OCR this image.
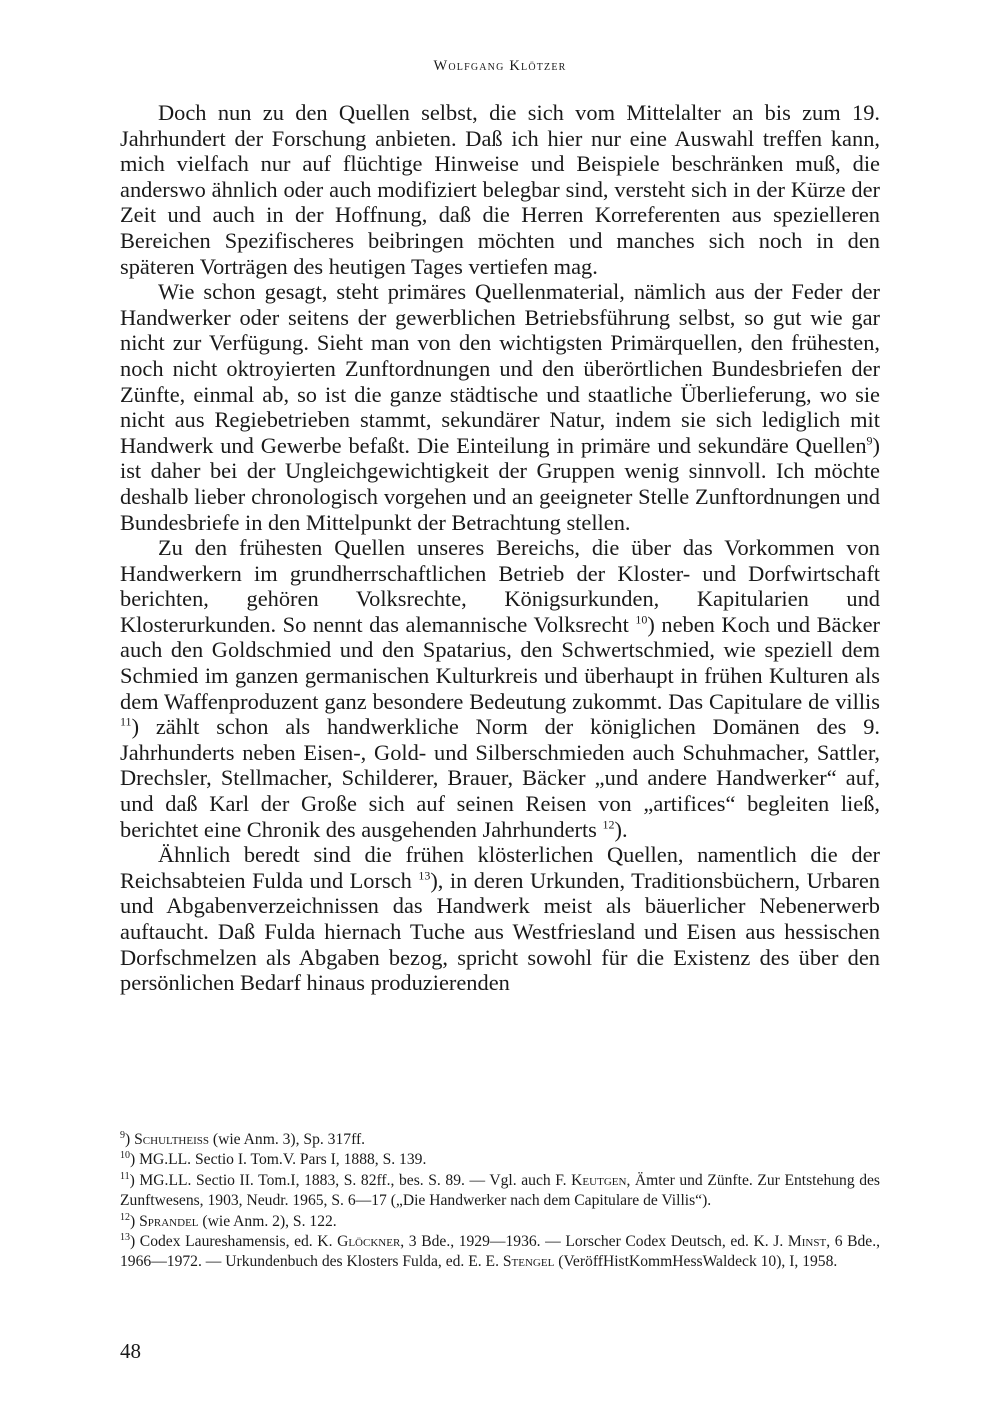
Wolfgang Klötzer

Doch nun zu den Quellen selbst, die sich vom Mittelalter an bis zum 19. Jahrhundert der Forschung anbieten. Daß ich hier nur eine Auswahl treffen kann, mich vielfach nur auf flüchtige Hinweise und Beispiele beschränken muß, die anderswo ähnlich oder auch modifiziert belegbar sind, versteht sich in der Kürze der Zeit und auch in der Hoffnung, daß die Herren Korreferenten aus spezielleren Bereichen Spezifischeres beibringen möchten und manches sich noch in den späteren Vorträgen des heutigen Tages vertiefen mag.

Wie schon gesagt, steht primäres Quellenmaterial, nämlich aus der Feder der Handwerker oder seitens der gewerblichen Betriebsführung selbst, so gut wie gar nicht zur Verfügung. Sieht man von den wichtigsten Primärquellen, den frühesten, noch nicht oktroyierten Zunftordnungen und den überörtlichen Bundesbriefen der Zünfte, einmal ab, so ist die ganze städtische und staatliche Überlieferung, wo sie nicht aus Regiebetrieben stammt, sekundärer Natur, indem sie sich lediglich mit Handwerk und Gewerbe befaßt. Die Einteilung in primäre und sekundäre Quellen$^9$) ist daher bei der Ungleichgewichtigkeit der Gruppen wenig sinnvoll. Ich möchte deshalb lieber chronologisch vorgehen und an geeigneter Stelle Zunftordnungen und Bundesbriefe in den Mittelpunkt der Betrachtung stellen.

Zu den frühesten Quellen unseres Bereichs, die über das Vorkommen von Handwerkern im grundherrschaftlichen Betrieb der Kloster- und Dorfwirtschaft berichten, gehören Volksrechte, Königsurkunden, Kapitularien und Klosterurkunden. So nennt das alemannische Volksrecht $^{10}$) neben Koch und Bäcker auch den Goldschmied und den Spatarius, den Schwertschmied, wie speziell dem Schmied im ganzen germanischen Kulturkreis und überhaupt in frühen Kulturen als dem Waffenproduzent ganz besondere Bedeutung zukommt. Das Capitulare de villis $^{11}$) zählt schon als handwerkliche Norm der königlichen Domänen des 9. Jahrhunderts neben Eisen-, Gold- und Silberschmieden auch Schuhmacher, Sattler, Drechsler, Stellmacher, Schilderer, Brauer, Bäcker „und andere Handwerker“ auf, und daß Karl der Große sich auf seinen Reisen von „artifices“ begleiten ließ, berichtet eine Chronik des ausgehenden Jahrhunderts $^{12}$).

Ähnlich beredt sind die frühen klösterlichen Quellen, namentlich die der Reichsabteien Fulda und Lorsch $^{13}$), in deren Urkunden, Traditionsbüchern, Urbaren und Abgabenverzeichnissen das Handwerk meist als bäuerlicher Nebenerwerb auftaucht. Daß Fulda hiernach Tuche aus Westfriesland und Eisen aus hessischen Dorfschmelzen als Abgaben bezog, spricht sowohl für die Existenz des über den persönlichen Bedarf hinaus produzierenden

$^9$) Schultheiss (wie Anm. 3), Sp. 317ff.
$^{10}$) MG.LL. Sectio I. Tom.V. Pars I, 1888, S. 139.
$^{11}$) MG.LL. Sectio II. Tom.I, 1883, S. 82ff., bes. S. 89. — Vgl. auch F. Keutgen, Ämter und Zünfte. Zur Entstehung des Zunftwesens, 1903, Neudr. 1965, S. 6—17 („Die Handwerker nach dem Capitulare de Villis“).
$^{12}$) Sprandel (wie Anm. 2), S. 122.
$^{13}$) Codex Laureshamensis, ed. K. Glöckner, 3 Bde., 1929—1936. — Lorscher Codex Deutsch, ed. K. J. Minst, 6 Bde., 1966—1972. — Urkundenbuch des Klosters Fulda, ed. E. E. Stengel (VeröffHistKommHessWaldeck 10), I, 1958.
48
